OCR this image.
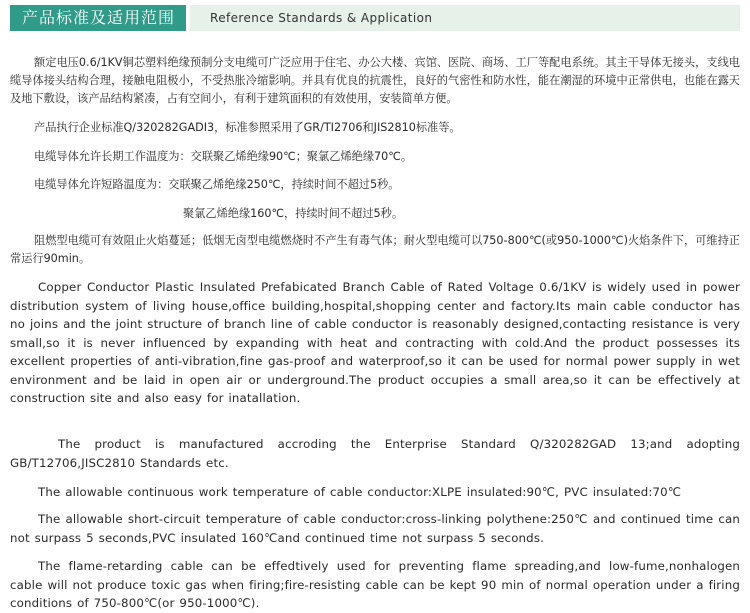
产品标准及适用范围	Reference Standards & Application

额定电压0.6/1KV铜芯塑料绝缘预制分支电缆可广泛应用于住宅、办公大楼、宾馆、医院、商场、工厂等配电系统。其主干导体无接头，支线电缆导体接头结构合理，接触电阻极小，不受热胀冷缩影响。并具有优良的抗震性，良好的气密性和防水性，能在潮湿的环境中正常供电，也能在露天及地下敷设，该产品结构紧凑，占有空间小，有利于建筑面积的有效使用，安装简单方便。

产品执行企业标准Q/320282GADI3，标准参照采用了GR/TI2706和JIS2810标准等。

电缆导体允许长期工作温度为：交联聚乙烯绝缘90℃；聚氯乙烯绝缘70℃。

电缆导体允许短路温度为：交联聚乙烯绝缘250℃，持续时间不超过5秒。

聚氯乙烯绝缘160℃，持续时间不超过5秒。

阻燃型电缆可有效阻止火焰蔓延；低烟无卤型电缆燃烧时不产生有毒气体；耐火型电缆可以750-800℃(或950-1000℃)火焰条件下，可维持正常运行90min。

Copper Conductor Plastic Insulated Prefabicated Branch Cable of Rated Voltage 0.6/1KV is widely used in power distribution system of living house,office building,hospital,shopping center and factory.Its main cable conductor has no joins and the joint structure of branch line of cable conductor is reasonably designed,contacting resistance is very small,so it is never influenced by expanding with heat and contracting with cold.And the product possesses its excellent properties of anti-vibration,fine gas-proof and waterproof,so it can be used for normal power supply in wet environment and be laid in open air or underground.The product occupies a small area,so it can be effectively at construction site and also easy for inatallation.

The product is manufactured accroding the Enterprise Standard Q/320282GAD 13;and adopting GB/T12706,JISC2810 Standards etc.

The allowable continuous work temperature of cable conductor:XLPE insulated:90℃, PVC insulated:70℃

The allowable short-circuit temperature of cable conductor:cross-linking polythene:250℃ and continued time can not surpass 5 seconds,PVC insulated 160℃and continued time not surpass 5 seconds.

The flame-retarding cable can be effedtively used for preventing flame spreading,and low-fume,nonhalogen cable will not produce toxic gas when firing;fire-resisting cable can be kept 90 min of normal operation under a firing conditions of 750-800℃(or 950-1000℃).
